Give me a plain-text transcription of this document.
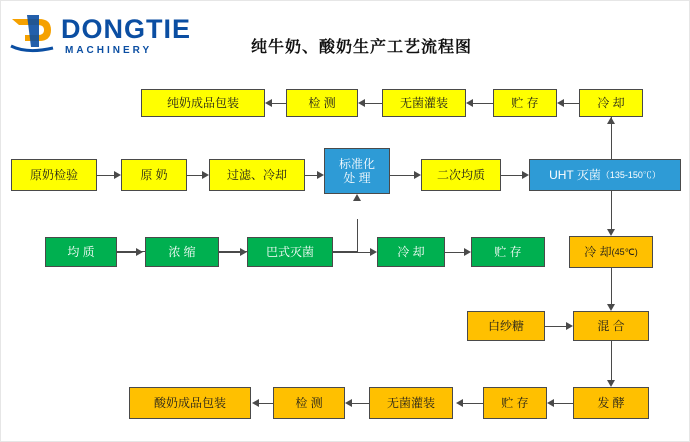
DONGTIE
MACHINERY	纯牛奶、酸奶生产工艺流程图
纯奶成品包装	检 测	无菌灌装	贮 存	冷 却
原奶检验	原 奶	过滤、冷却
标准化
处 理	二次均质	UHT 灭菌 （135-150℃）
均 质	浓 缩	巴式灭菌	冷 却	贮 存	冷 却 (45℃)
白纱糖	混 合
发 酵
酸奶成品包装	检 测	无菌灌装	贮 存
